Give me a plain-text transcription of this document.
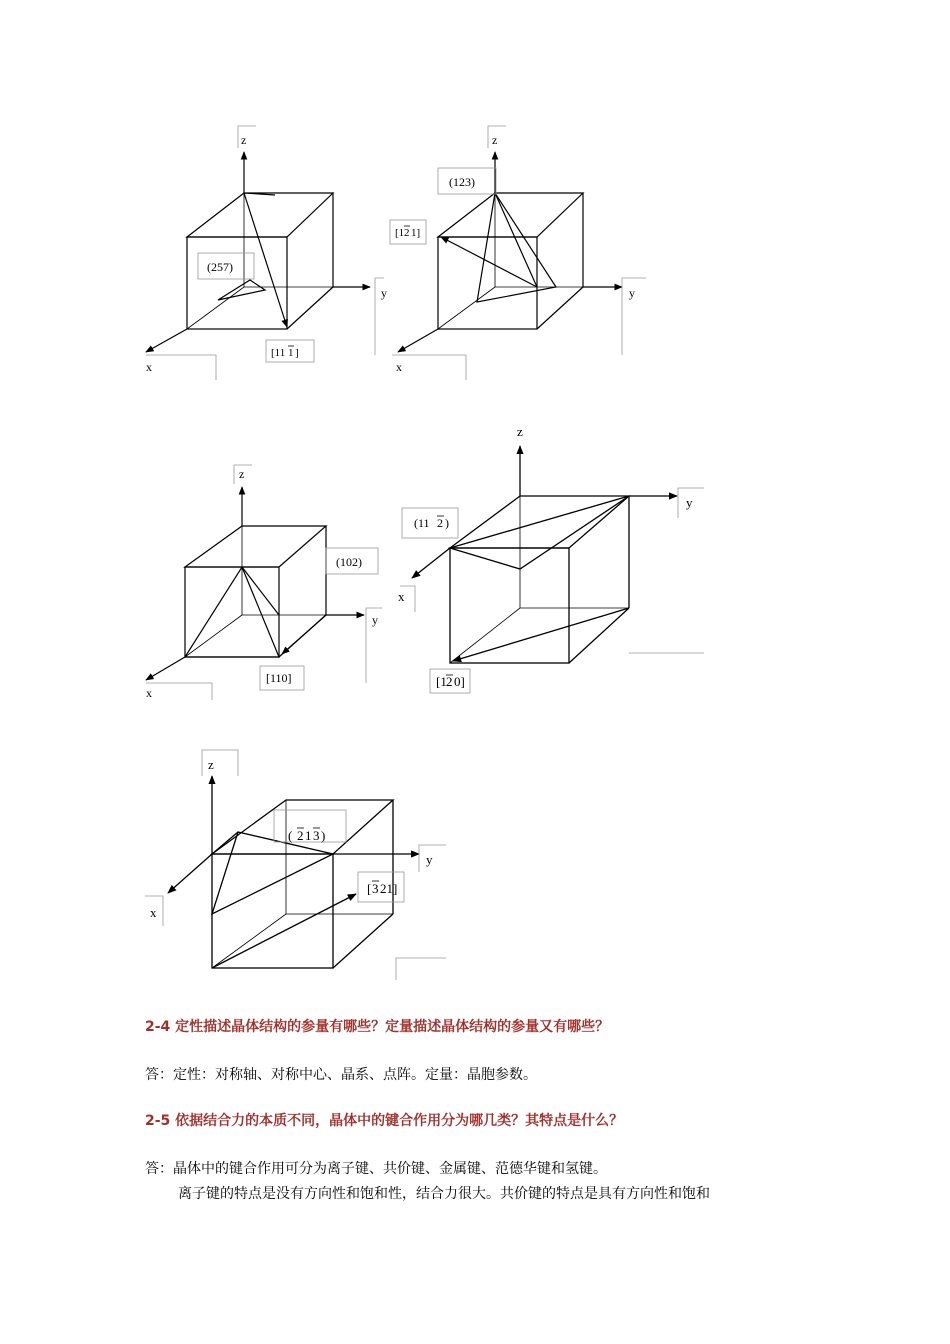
z
y
x
(257)
[11 1 ]
z
y
x
(123)
[1 2 1]
z
y
x
(102)
[110]
z
y
x
(11 2 )
[1 2 0]
z
y
x
( 2 1 3 )
[ 3 21]
2-4 定性描述晶体结构的参量有哪些？定量描述晶体结构的参量又有哪些？
答：定性：对称轴、对称中心、晶系、点阵。定量：晶胞参数。
2-5 依据结合力的本质不同，晶体中的键合作用分为哪几类？其特点是什么？
答：晶体中的键合作用可分为离子键、共价键、金属键、范德华键和氢键。
离子键的特点是没有方向性和饱和性，结合力很大。共价键的特点是具有方向性和饱和
